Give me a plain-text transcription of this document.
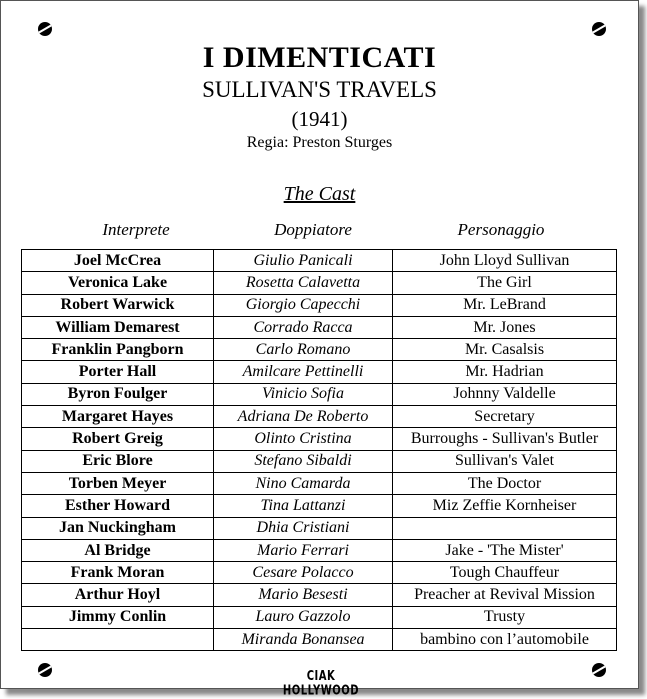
I DIMENTICATI
SULLIVAN'S TRAVELS
(1941)
Regia: Preston Sturges
The Cast
Interprete	Doppiatore	Personaggio
Joel McCrea	Giulio Panicali	John Lloyd Sullivan
Veronica Lake	Rosetta Calavetta	The Girl
Robert Warwick	Giorgio Capecchi	Mr. LeBrand
William Demarest	Corrado Racca	Mr. Jones
Franklin Pangborn	Carlo Romano	Mr. Casalsis
Porter Hall	Amilcare Pettinelli	Mr. Hadrian
Byron Foulger	Vinicio Sofia	Johnny Valdelle
Margaret Hayes	Adriana De Roberto	Secretary
Robert Greig	Olinto Cristina	Burroughs - Sullivan's Butler
Eric Blore	Stefano Sibaldi	Sullivan's Valet
Torben Meyer	Nino Camarda	The Doctor
Esther Howard	Tina Lattanzi	Miz Zeffie Kornheiser
Jan Nuckingham	Dhia Cristiani	
Al Bridge	Mario Ferrari	Jake - 'The Mister'
Frank Moran	Cesare Polacco	Tough Chauffeur
Arthur Hoyl	Mario Besesti	Preacher at Revival Mission
Jimmy Conlin	Lauro Gazzolo	Trusty
	Miranda Bonansea	bambino con l’automobile
CIAK HOLLYWOOD
